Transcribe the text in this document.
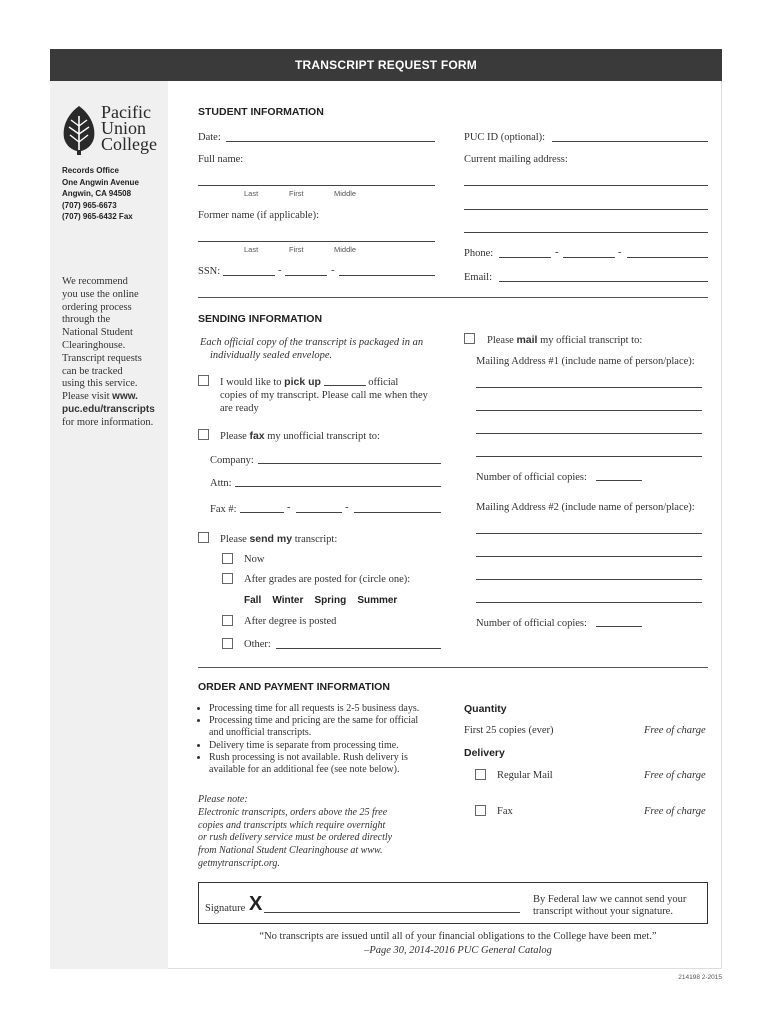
TRANSCRIPT REQUEST FORM
Pacific
Union
College
Records Office
One Angwin Avenue
Angwin, CA 94508
(707) 965-6673
(707) 965-6432 Fax
We recommend
you use the online
ordering process
through the
National Student
Clearinghouse.
Transcript requests
can be tracked
using this service.
Please visit www.
puc.edu/transcripts
for more information.
STUDENT INFORMATION
Date:	PUC ID (optional):
Full name:	Current mailing address:
Last	First	Middle
Former name (if applicable):
Last	First	Middle	Phone:	-	-
SSN:	-	-
Email:
SENDING INFORMATION
Each official copy of the transcript is packaged in an
individually sealed envelope.
I would like to pick up	official
copies of my transcript. Please call me when they
are ready
Please fax my unofficial transcript to:
Company:
Attn:
Fax #:	-	-
Please send my transcript:
Now
After grades are posted for (circle one):
Fall Winter Spring Summer
After degree is posted
Other:
Please mail my official transcript to:
Mailing Address #1 (include name of person/place):
Number of official copies:
Mailing Address #2 (include name of person/place):
Number of official copies:
ORDER AND PAYMENT INFORMATION
• Processing time for all requests is 2-5 business days.
• Processing time and pricing are the same for official
and unofficial transcripts.
• Delivery time is separate from processing time.
• Rush processing is not available. Rush delivery is
available for an additional fee (see note below).
Please note:
Electronic transcripts, orders above the 25 free
copies and transcripts which require overnight
or rush delivery service must be ordered directly
from National Student Clearinghouse at www.
getmytranscript.org.
Quantity
First 25 copies (ever)	Free of charge
Delivery
Regular Mail	Free of charge
Fax	Free of charge
Signature X	By Federal law we cannot send your
transcript without your signature.
“No transcripts are issued until all of your financial obligations to the College have been met.”
–Page 30, 2014-2016 PUC General Catalog
214198 2-2015
